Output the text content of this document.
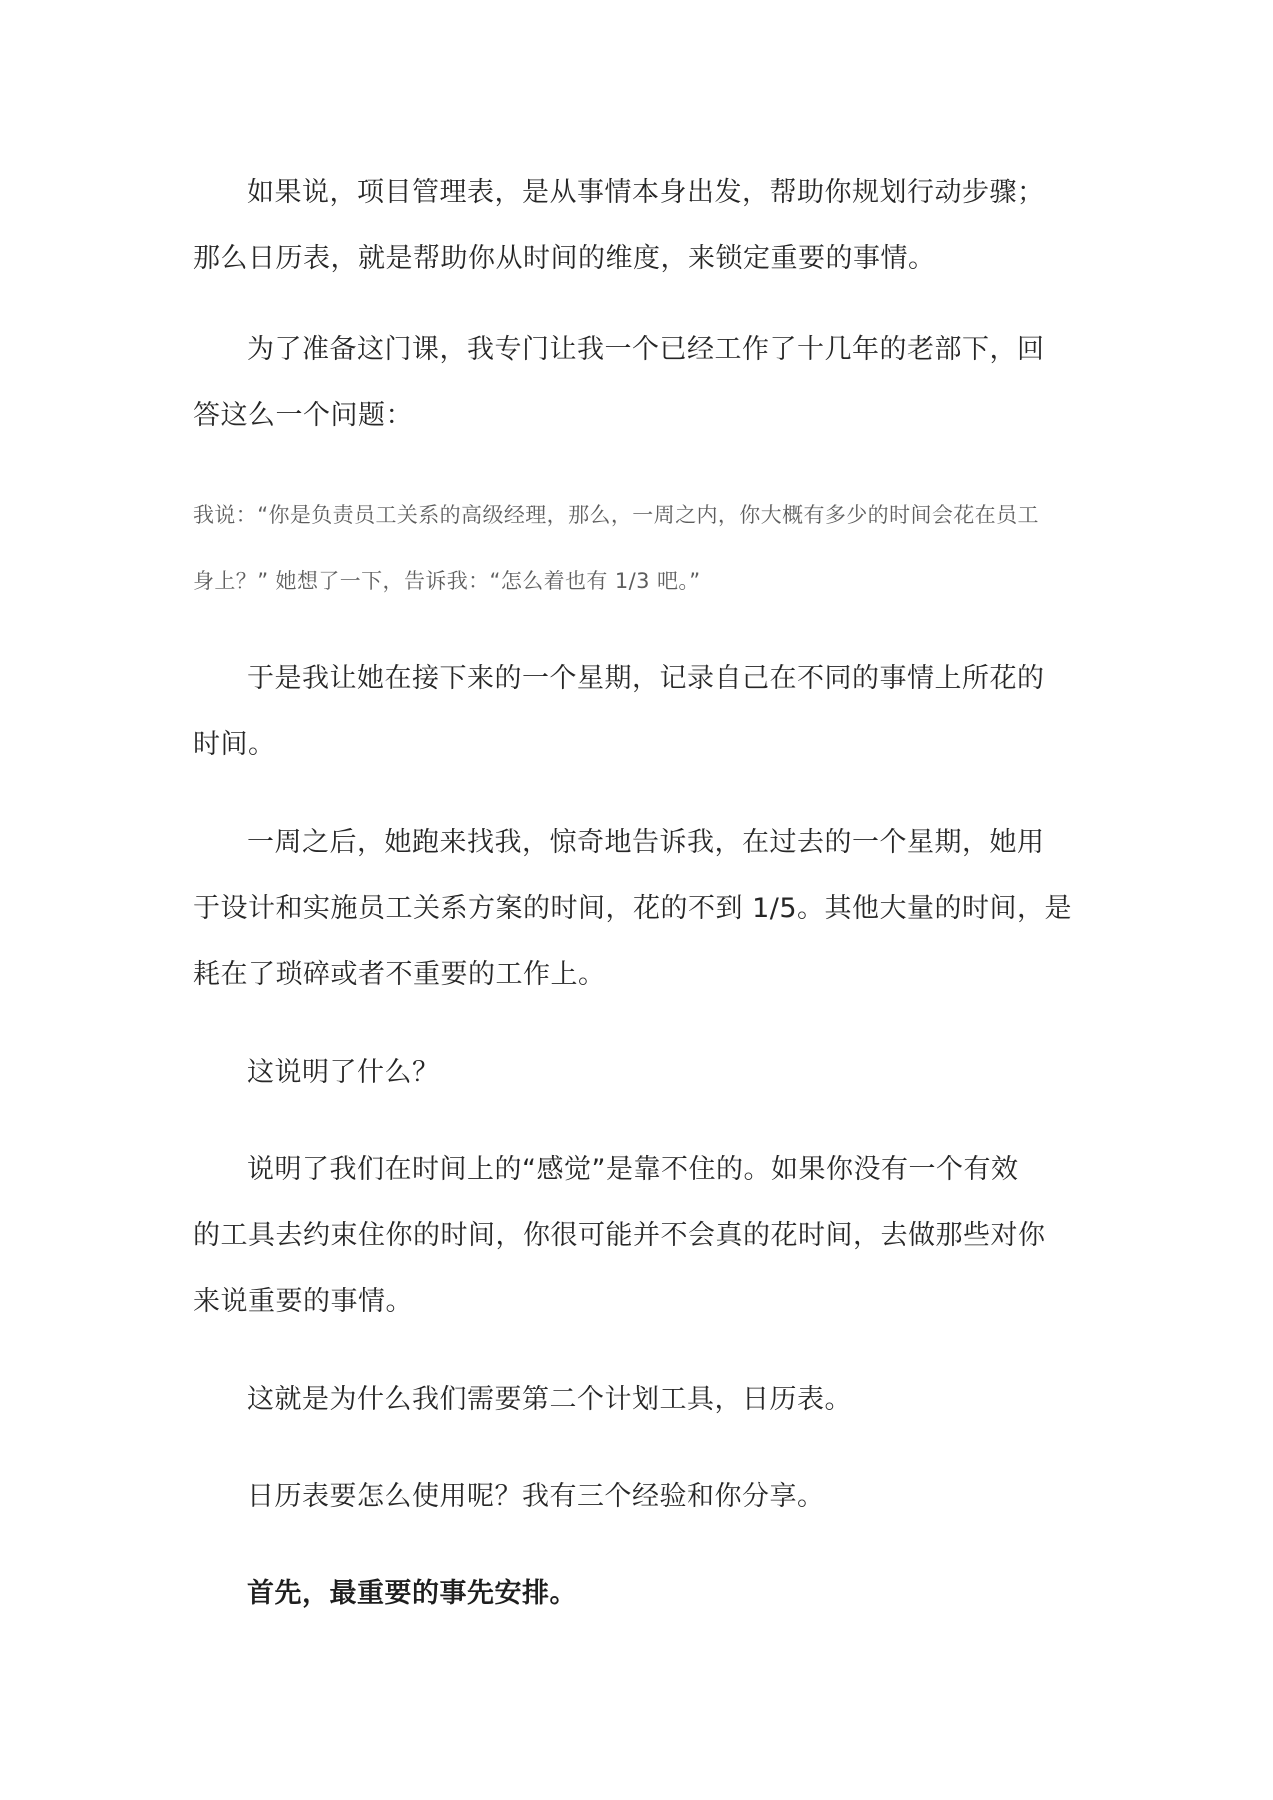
如果说，项目管理表，是从事情本身出发，帮助你规划行动步骤；
那么日历表，就是帮助你从时间的维度，来锁定重要的事情。

为了准备这门课，我专门让我一个已经工作了十几年的老部下，回
答这么一个问题：

我说：“你是负责员工关系的高级经理，那么，一周之内，你大概有多少的时间会花在员工
身上？” 她想了一下，告诉我：“怎么着也有 1/3 吧。”

于是我让她在接下来的一个星期，记录自己在不同的事情上所花的
时间。

一周之后，她跑来找我，惊奇地告诉我，在过去的一个星期，她用
于设计和实施员工关系方案的时间，花的不到 1/5。其他大量的时间，是
耗在了琐碎或者不重要的工作上。

这说明了什么？

说明了我们在时间上的“感觉”是靠不住的。如果你没有一个有效
的工具去约束住你的时间，你很可能并不会真的花时间，去做那些对你
来说重要的事情。

这就是为什么我们需要第二个计划工具，日历表。

日历表要怎么使用呢？我有三个经验和你分享。

首先，最重要的事先安排。
